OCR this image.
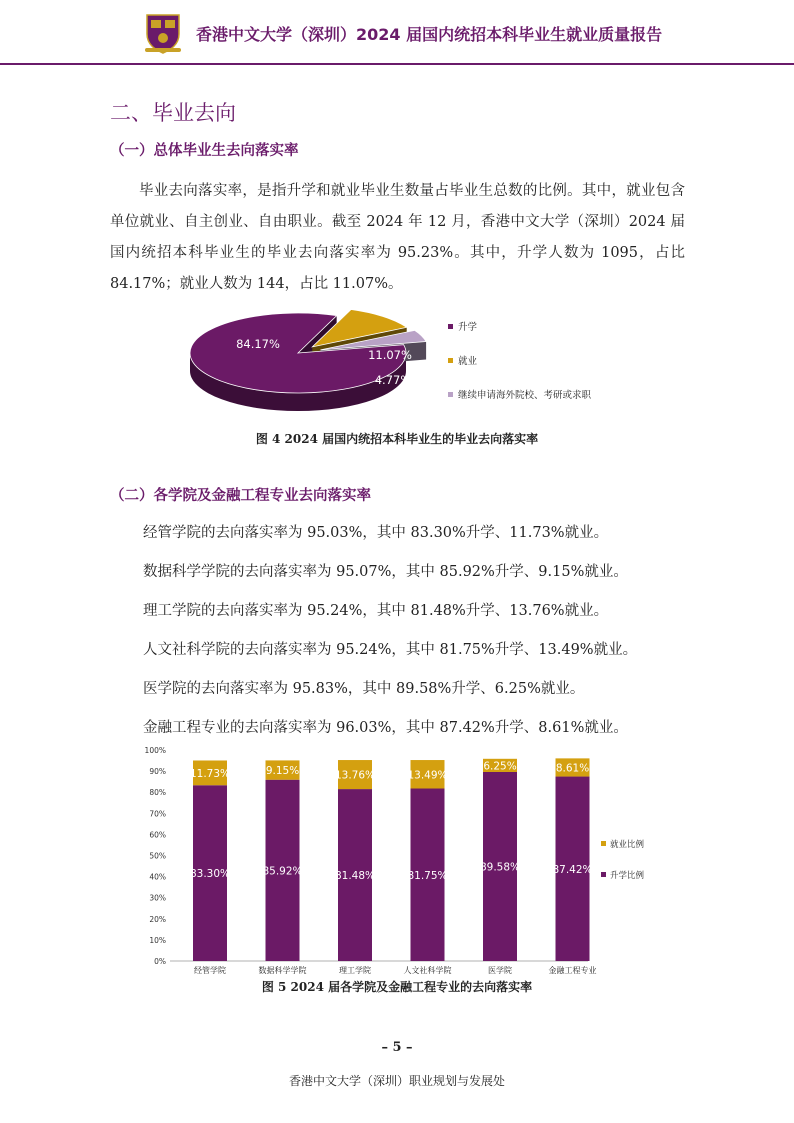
香港中文大学（深圳）2024 届国内统招本科毕业生就业质量报告
二、毕业去向
（一）总体毕业生去向落实率
毕业去向落实率，是指升学和就业毕业生数量占毕业生总数的比例。其中，就业包含单位就业、自主创业、自由职业。截至 2024 年 12 月，香港中文大学（深圳）2024 届国内统招本科毕业生的毕业去向落实率为 95.23%。其中，升学人数为 1095，占比 84.17%；就业人数为 144，占比 11.07%。
84.17%
11.07%
4.77%
升学
就业
继续申请海外院校、考研或求职
图 4 2024 届国内统招本科毕业生的毕业去向落实率
（二）各学院及金融工程专业去向落实率
经管学院的去向落实率为 95.03%，其中 83.30%升学、11.73%就业。
数据科学学院的去向落实率为 95.07%，其中 85.92%升学、9.15%就业。
理工学院的去向落实率为 95.24%，其中 81.48%升学、13.76%就业。
人文社科学院的去向落实率为 95.24%，其中 81.75%升学、13.49%就业。
医学院的去向落实率为 95.83%，其中 89.58%升学、6.25%就业。
金融工程专业的去向落实率为 96.03%，其中 87.42%升学、8.61%就业。
0%
10%
20%
30%
40%
50%
60%
70%
80%
90%
100%
83.30%
11.73%
经管学院
85.92%
9.15%
数据科学学院
81.48%
13.76%
理工学院
81.75%
13.49%
人文社科学院
89.58%
6.25%
医学院
87.42%
8.61%
金融工程专业
就业比例
升学比例
图 5 2024 届各学院及金融工程专业的去向落实率
– 5 –
香港中文大学（深圳）职业规划与发展处
